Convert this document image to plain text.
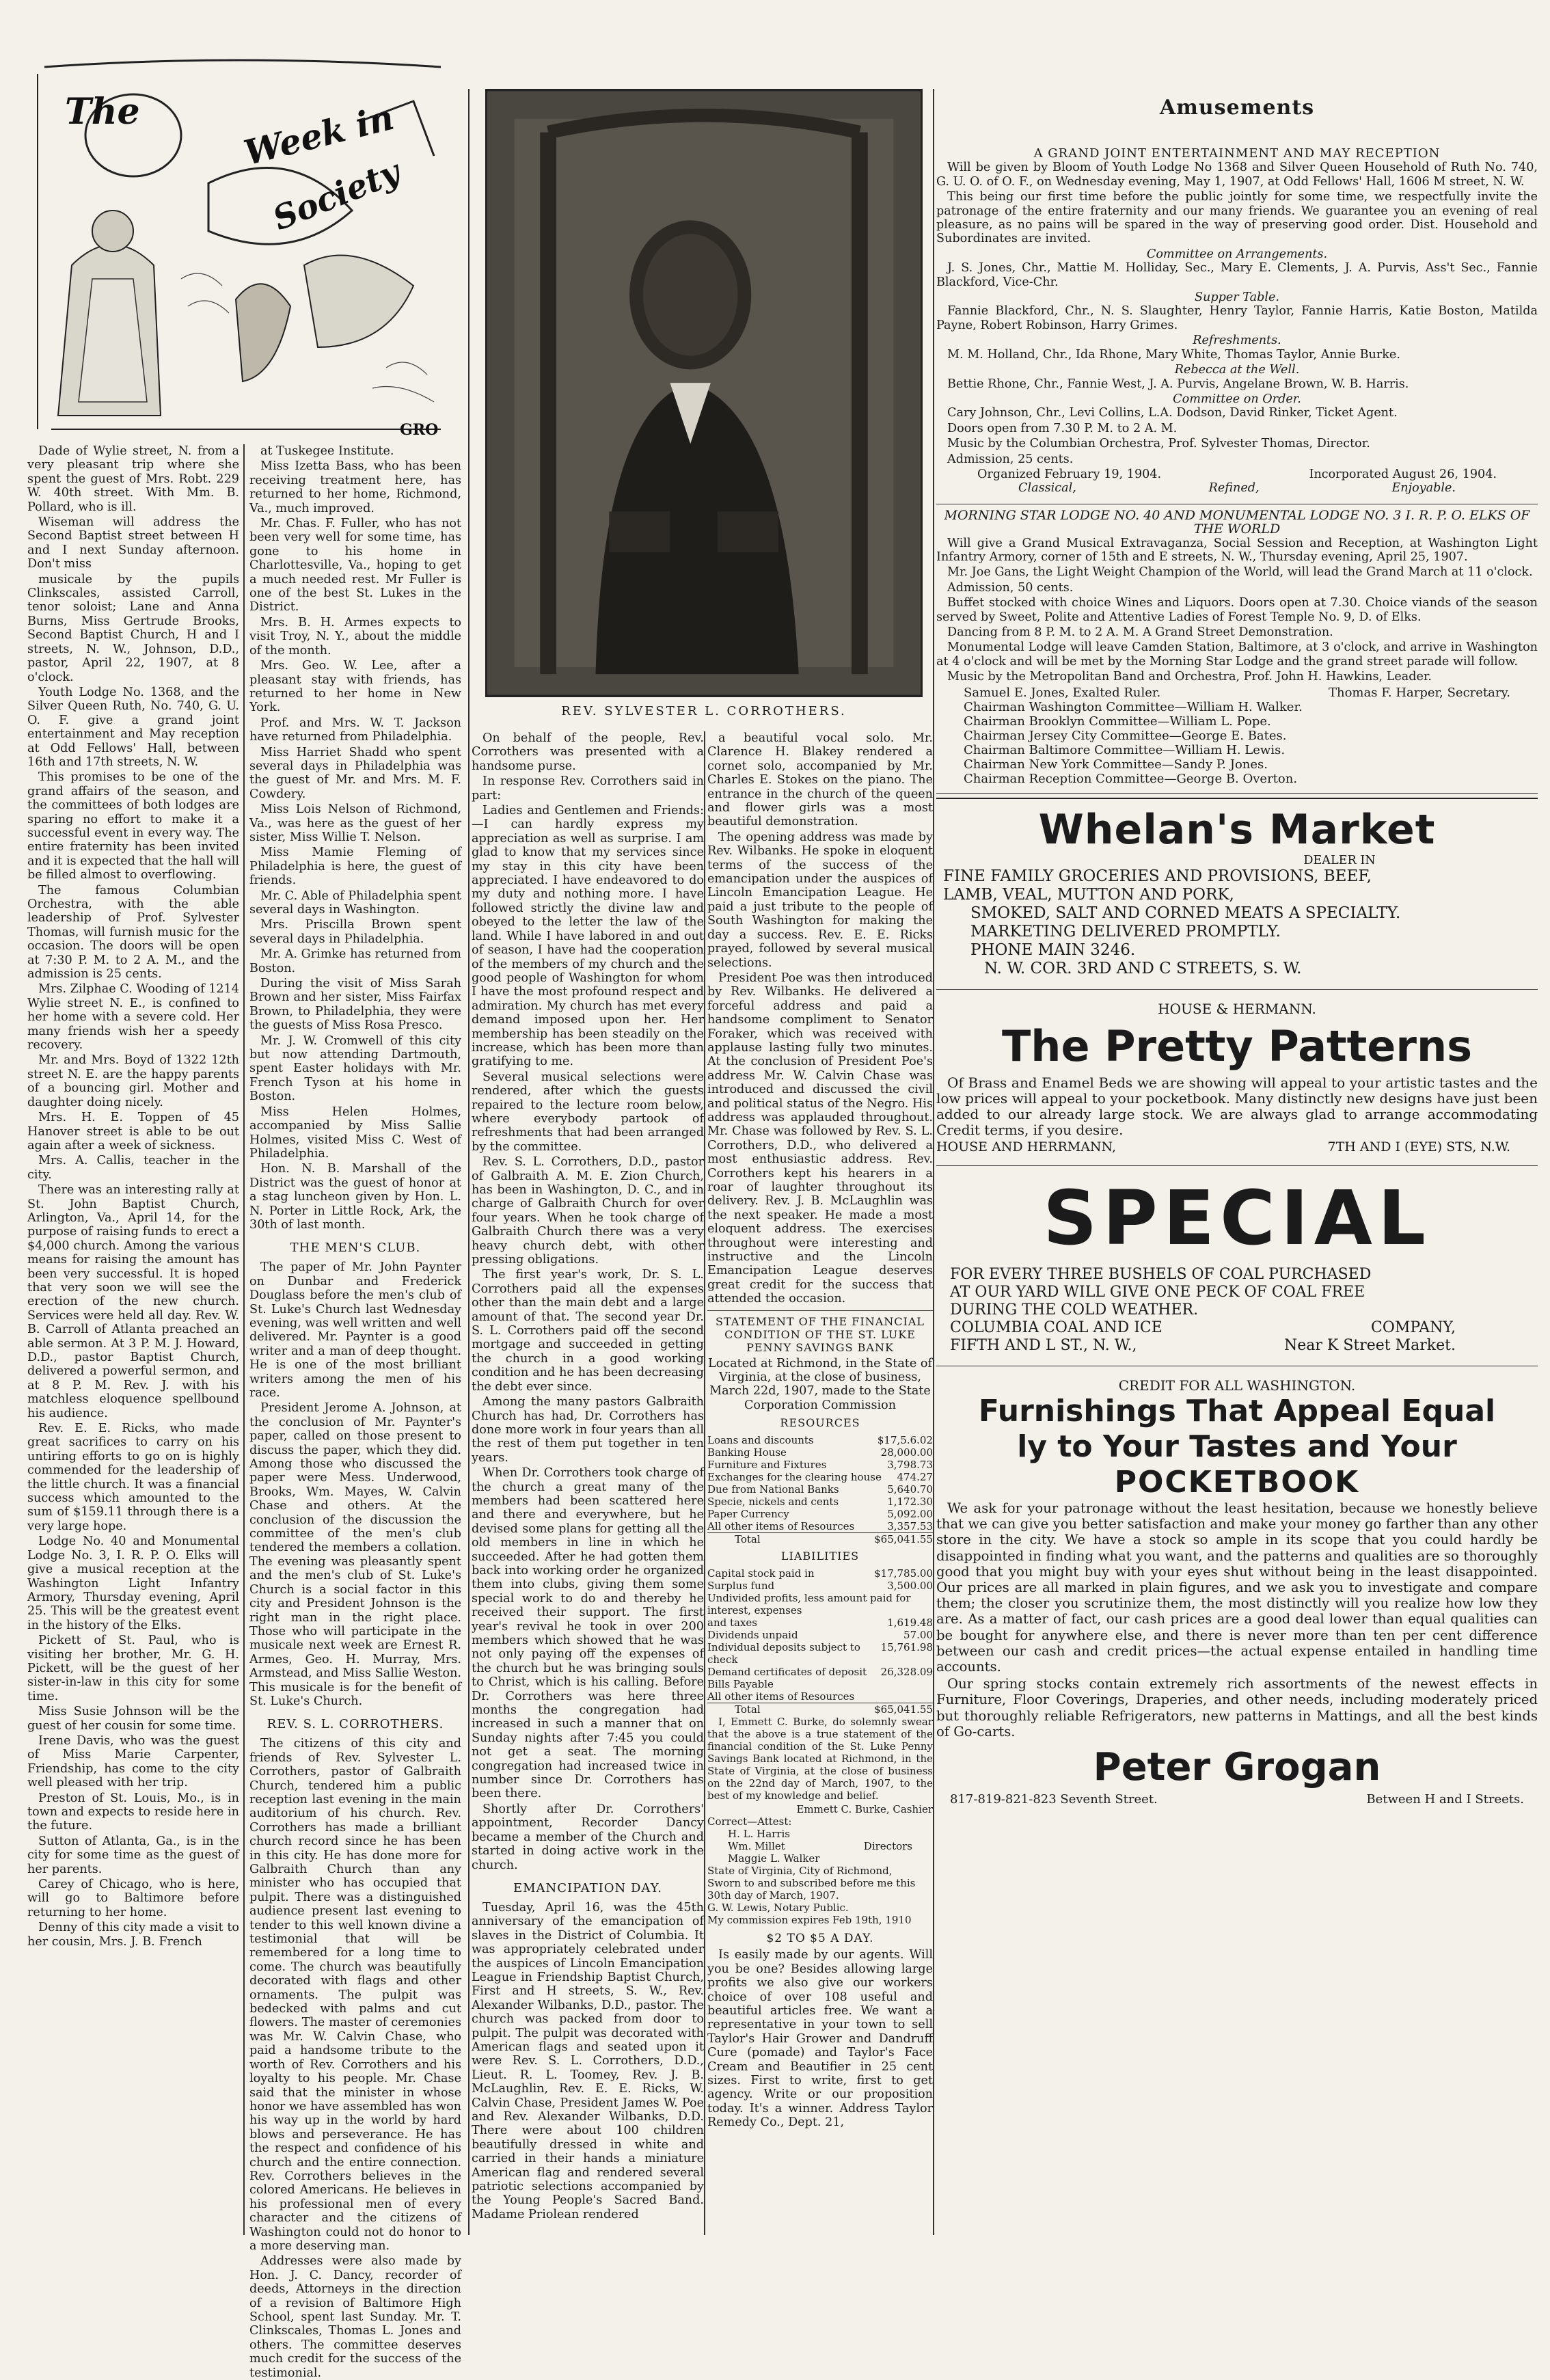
The	Week in
Society
GRO

Dade of Wylie street, N. from a very pleasant trip where she spent the guest of Mrs. Robt. 229 W. 40th street. With Mm. B. Pollard, who is ill.

Wiseman will address the Second Baptist street between H and I next Sunday afternoon. Don't miss

musicale by the pupils Clinkscales, assisted Carroll, tenor soloist; Lane and Anna Burns, Miss Gertrude Brooks, Second Baptist Church, H and I streets, N. W., Johnson, D.D., pastor, April 22, 1907, at 8 o'clock.

Youth Lodge No. 1368, and the Silver Queen Ruth, No. 740, G. U. O. F. give a grand joint entertainment and May reception at Odd Fellows' Hall, between 16th and 17th streets, N. W.

This promises to be one of the grand affairs of the season, and the committees of both lodges are sparing no effort to make it a successful event in every way. The entire fraternity has been invited and it is expected that the hall will be filled almost to overflowing.

The famous Columbian Orchestra, with the able leadership of Prof. Sylvester Thomas, will furnish music for the occasion. The doors will be open at 7:30 P. M. to 2 A. M., and the admission is 25 cents.

Mrs. Zilphae C. Wooding of 1214 Wylie street N. E., is confined to her home with a severe cold. Her many friends wish her a speedy recovery.

Mr. and Mrs. Boyd of 1322 12th street N. E. are the happy parents of a bouncing girl. Mother and daughter doing nicely.

Mrs. H. E. Toppen of 45 Hanover street is able to be out again after a week of sickness.

Mrs. A. Callis, teacher in the city.

There was an interesting rally at St. John Baptist Church, Arlington, Va., April 14, for the purpose of raising funds to erect a $4,000 church. Among the various means for raising the amount has been very successful. It is hoped that very soon we will see the erection of the new church. Services were held all day. Rev. W. B. Carroll of Atlanta preached an able sermon. At 3 P. M. J. Howard, D.D., pastor Baptist Church, delivered a powerful sermon, and at 8 P. M. Rev. J. with his matchless eloquence spellbound his audience.

Rev. E. E. Ricks, who made great sacrifices to carry on his untiring efforts to go on is highly commended for the leadership of the little church. It was a financial success which amounted to the sum of $159.11 through there is a very large hope.

Lodge No. 40 and Monumental Lodge No. 3, I. R. P. O. Elks will give a musical reception at the Washington Light Infantry Armory, Thursday evening, April 25. This will be the greatest event in the history of the Elks.

Pickett of St. Paul, who is visiting her brother, Mr. G. H. Pickett, will be the guest of her sister-in-law in this city for some time.

Miss Susie Johnson will be the guest of her cousin for some time.

Irene Davis, who was the guest of Miss Marie Carpenter, Friendship, has come to the city well pleased with her trip.

Preston of St. Louis, Mo., is in town and expects to reside here in the future.

Sutton of Atlanta, Ga., is in the city for some time as the guest of her parents.

Carey of Chicago, who is here, will go to Baltimore before returning to her home.

Denny of this city made a visit to her cousin, Mrs. J. B. French

at Tuskegee Institute.

Miss Izetta Bass, who has been receiving treatment here, has returned to her home, Richmond, Va., much improved.

Mr. Chas. F. Fuller, who has not been very well for some time, has gone to his home in Charlottesville, Va., hoping to get a much needed rest. Mr Fuller is one of the best St. Lukes in the District.

Mrs. B. H. Armes expects to visit Troy, N. Y., about the middle of the month.

Mrs. Geo. W. Lee, after a pleasant stay with friends, has returned to her home in New York.

Prof. and Mrs. W. T. Jackson have returned from Philadelphia.

Miss Harriet Shadd who spent several days in Philadelphia was the guest of Mr. and Mrs. M. F. Cowdery.

Miss Lois Nelson of Richmond, Va., was here as the guest of her sister, Miss Willie T. Nelson.

Miss Mamie Fleming of Philadelphia is here, the guest of friends.

Mr. C. Able of Philadelphia spent several days in Washington.

Mrs. Priscilla Brown spent several days in Philadelphia.

Mr. A. Grimke has returned from Boston.

During the visit of Miss Sarah Brown and her sister, Miss Fairfax Brown, to Philadelphia, they were the guests of Miss Rosa Presco.

Mr. J. W. Cromwell of this city but now attending Dartmouth, spent Easter holidays with Mr. French Tyson at his home in Boston.

Miss Helen Holmes, accompanied by Miss Sallie Holmes, visited Miss C. West of Philadelphia.

Hon. N. B. Marshall of the District was the guest of honor at a stag luncheon given by Hon. L. N. Porter in Little Rock, Ark, the 30th of last month.

THE MEN'S CLUB.

The paper of Mr. John Paynter on Dunbar and Frederick Douglass before the men's club of St. Luke's Church last Wednesday evening, was well written and well delivered. Mr. Paynter is a good writer and a man of deep thought. He is one of the most brilliant writers among the men of his race.

President Jerome A. Johnson, at the conclusion of Mr. Paynter's paper, called on those present to discuss the paper, which they did. Among those who discussed the paper were Mess. Underwood, Brooks, Wm. Mayes, W. Calvin Chase and others. At the conclusion of the discussion the committee of the men's club tendered the members a collation. The evening was pleasantly spent and the men's club of St. Luke's Church is a social factor in this city and President Johnson is the right man in the right place. Those who will participate in the musicale next week are Ernest R. Armes, Geo. H. Murray, Mrs. Armstead, and Miss Sallie Weston. This musicale is for the benefit of St. Luke's Church.

REV. S. L. CORROTHERS.

The citizens of this city and friends of Rev. Sylvester L. Corrothers, pastor of Galbraith Church, tendered him a public reception last evening in the main auditorium of his church. Rev. Corrothers has made a brilliant church record since he has been in this city. He has done more for Galbraith Church than any minister who has occupied that pulpit. There was a distinguished audience present last evening to tender to this well known divine a testimonial that will be remembered for a long time to come. The church was beautifully decorated with flags and other ornaments. The pulpit was bedecked with palms and cut flowers. The master of ceremonies was Mr. W. Calvin Chase, who paid a handsome tribute to the worth of Rev. Corrothers and his loyalty to his people. Mr. Chase said that the minister in whose honor we have assembled has won his way up in the world by hard blows and perseverance. He has the respect and confidence of his church and the entire connection. Rev. Corrothers believes in the colored Americans. He believes in his professional men of every character and the citizens of Washington could not do honor to a more deserving man.

Addresses were also made by Hon. J. C. Dancy, recorder of deeds, Attorneys in the direction of a revision of Baltimore High School, spent last Sunday. Mr. T. Clinkscales, Thomas L. Jones and others. The committee deserves much credit for the success of the testimonial.

REV. SYLVESTER L. CORROTHERS.

On behalf of the people, Rev. Corrothers was presented with a handsome purse.

In response Rev. Corrothers said in part:

Ladies and Gentlemen and Friends:—I can hardly express my appreciation as well as surprise. I am glad to know that my services since my stay in this city have been appreciated. I have endeavored to do my duty and nothing more. I have followed strictly the divine law and obeyed to the letter the law of the land. While I have labored in and out of season, I have had the cooperation of the members of my church and the good people of Washington for whom I have the most profound respect and admiration. My church has met every demand imposed upon her. Her membership has been steadily on the increase, which has been more than gratifying to me.

Several musical selections were rendered, after which the guests repaired to the lecture room below, where everybody partook of refreshments that had been arranged by the committee.

Rev. S. L. Corrothers, D.D., pastor of Galbraith A. M. E. Zion Church, has been in Washington, D. C., and in charge of Galbraith Church for over four years. When he took charge of Galbraith Church there was a very heavy church debt, with other pressing obligations.

The first year's work, Dr. S. L. Corrothers paid all the expenses other than the main debt and a large amount of that. The second year Dr. S. L. Corrothers paid off the second mortgage and succeeded in getting the church in a good working condition and he has been decreasing the debt ever since.

Among the many pastors Galbraith Church has had, Dr. Corrothers has done more work in four years than all the rest of them put together in ten years.

When Dr. Corrothers took charge of the church a great many of the members had been scattered here and there and everywhere, but he devised some plans for getting all the old members in line in which he succeeded. After he had gotten them back into working order he organized them into clubs, giving them some special work to do and thereby he received their support. The first year's revival he took in over 200 members which showed that he was not only paying off the expenses of the church but he was bringing souls to Christ, which is his calling. Before Dr. Corrothers was here three months the congregation had increased in such a manner that on Sunday nights after 7:45 you could not get a seat. The morning congregation had increased twice in number since Dr. Corrothers has been there.

Shortly after Dr. Corrothers' appointment, Recorder Dancy became a member of the Church and started in doing active work in the church.

EMANCIPATION DAY.

Tuesday, April 16, was the 45th anniversary of the emancipation of slaves in the District of Columbia. It was appropriately celebrated under the auspices of Lincoln Emancipation League in Friendship Baptist Church, First and H streets, S. W., Rev. Alexander Wilbanks, D.D., pastor. The church was packed from door to pulpit. The pulpit was decorated with American flags and seated upon it were Rev. S. L. Corrothers, D.D., Lieut. R. L. Toomey, Rev. J. B. McLaughlin, Rev. E. E. Ricks, W. Calvin Chase, President James W. Poe and Rev. Alexander Wilbanks, D.D. There were about 100 children beautifully dressed in white and carried in their hands a miniature American flag and rendered several patriotic selections accompanied by the Young People's Sacred Band. Madame Priolean rendered

a beautiful vocal solo. Mr. Clarence H. Blakey rendered a cornet solo, accompanied by Mr. Charles E. Stokes on the piano. The entrance in the church of the queen and flower girls was a most beautiful demonstration.

The opening address was made by Rev. Wilbanks. He spoke in eloquent terms of the success of the emancipation under the auspices of Lincoln Emancipation League. He paid a just tribute to the people of South Washington for making the day a success. Rev. E. E. Ricks prayed, followed by several musical selections.

President Poe was then introduced by Rev. Wilbanks. He delivered a forceful address and paid a handsome compliment to Senator Foraker, which was received with applause lasting fully two minutes. At the conclusion of President Poe's address Mr. W. Calvin Chase was introduced and discussed the civil and political status of the Negro. His address was applauded throughout. Mr. Chase was followed by Rev. S. L. Corrothers, D.D., who delivered a most enthusiastic address. Rev. Corrothers kept his hearers in a roar of laughter throughout its delivery. Rev. J. B. McLaughlin was the next speaker. He made a most eloquent address. The exercises throughout were interesting and instructive and the Lincoln Emancipation League deserves great credit for the success that attended the occasion.

STATEMENT OF THE FINANCIAL CONDITION OF THE ST. LUKE PENNY SAVINGS BANK

Located at Richmond, in the State of Virginia, at the close of business, March 22d, 1907, made to the State Corporation Commission

RESOURCES
Loans and discounts	$17,5.6.02
Banking House	28,000.00
Furniture and Fixtures	3,798.73
Exchanges for the clearing house 474.27
Due from National Banks	5,640.70
Specie, nickels and cents	1,172.30
Paper Currency	5,092.00
All other items of Resources	3,357.53
Total	$65,041.55
LIABILITIES
Capital stock paid in	$17,785.00
Surplus fund	3,500.00
Undivided profits, less amount paid for interest, expenses
and taxes	1,619.48
Dividends unpaid	57.00
Individual deposits subject to check
15,761.98
Demand certificates of deposit 26,328.09
Bills Payable
All other items of Resources
Total	$65,041.55

I, Emmett C. Burke, do solemnly swear that the above is a true statement of the financial condition of the St. Luke Penny Savings Bank located at Richmond, in the State of Virginia, at the close of business on the 22nd day of March, 1907, to the best of my knowledge and belief.

Emmett C. Burke, Cashier
Correct—Attest:
H. L. Harris
Wm. Millet
Maggie L. Walker
Directors
State of Virginia, City of Richmond,
Sworn to and subscribed before me this 30th day of March, 1907.
G. W. Lewis, Notary Public.
My commission expires Feb 19th, 1910
$2 TO $5 A DAY.

Is easily made by our agents. Will you be one? Besides allowing large profits we also give our workers choice of over 108 useful and beautiful articles free. We want a representative in your town to sell Taylor's Hair Grower and Dandruff Cure (pomade) and Taylor's Face Cream and Beautifier in 25 cent sizes. First to write, first to get agency. Write or our proposition today. It's a winner. Address Taylor Remedy Co., Dept. 21,

Amusements
A GRAND JOINT ENTERTAINMENT AND MAY RECEPTION

Will be given by Bloom of Youth Lodge No 1368 and Silver Queen Household of Ruth No. 740, G. U. O. of O. F., on Wednesday evening, May 1, 1907, at Odd Fellows' Hall, 1606 M street, N. W.

This being our first time before the public jointly for some time, we respectfully invite the patronage of the entire fraternity and our many friends. We guarantee you an evening of real pleasure, as no pains will be spared in the way of preserving good order. Dist. Household and Subordinates are invited.

Committee on Arrangements.

J. S. Jones, Chr., Mattie M. Holliday, Sec., Mary E. Clements, J. A. Purvis, Ass't Sec., Fannie Blackford, Vice-Chr.

Supper Table.

Fannie Blackford, Chr., N. S. Slaughter, Henry Taylor, Fannie Harris, Katie Boston, Matilda Payne, Robert Robinson, Harry Grimes.

Refreshments.

M. M. Holland, Chr., Ida Rhone, Mary White, Thomas Taylor, Annie Burke.

Rebecca at the Well.

Bettie Rhone, Chr., Fannie West, J. A. Purvis, Angelane Brown, W. B. Harris.

Committee on Order.

Cary Johnson, Chr., Levi Collins, L.A. Dodson, David Rinker, Ticket Agent.

Doors open from 7.30 P. M. to 2 A. M.

Music by the Columbian Orchestra, Prof. Sylvester Thomas, Director.

Admission, 25 cents.

Organized February 19, 1904.	Incorporated August 26, 1904.
Classical,	Refined,	Enjoyable.
MORNING STAR LODGE NO. 40 AND MONUMENTAL LODGE NO. 3 I. R. P. O. ELKS OF THE WORLD

Will give a Grand Musical Extravaganza, Social Session and Reception, at Washington Light Infantry Armory, corner of 15th and E streets, N. W., Thursday evening, April 25, 1907.

Mr. Joe Gans, the Light Weight Champion of the World, will lead the Grand March at 11 o'clock.

Admission, 50 cents.

Buffet stocked with choice Wines and Liquors. Doors open at 7.30. Choice viands of the season served by Sweet, Polite and Attentive Ladies of Forest Temple No. 9, D. of Elks.

Dancing from 8 P. M. to 2 A. M. A Grand Street Demonstration.

Monumental Lodge will leave Camden Station, Baltimore, at 3 o'clock, and arrive in Washington at 4 o'clock and will be met by the Morning Star Lodge and the grand street parade will follow.

Music by the Metropolitan Band and Orchestra, Prof. John H. Hawkins, Leader.

Samuel E. Jones, Exalted Ruler.	Thomas F. Harper, Secretary.
Chairman Washington Committee—William H. Walker.
Chairman Brooklyn Committee—William L. Pope.
Chairman Jersey City Committee—George E. Bates.
Chairman Baltimore Committee—William H. Lewis.
Chairman New York Committee—Sandy P. Jones.
Chairman Reception Committee—George B. Overton.
Whelan's Market
DEALER IN
FINE FAMILY GROCERIES AND PROVISIONS, BEEF,
LAMB, VEAL, MUTTON AND PORK,
SMOKED, SALT AND CORNED MEATS A SPECIALTY.
MARKETING DELIVERED PROMPTLY.
PHONE MAIN 3246.
N. W. COR. 3RD AND C STREETS, S. W.
HOUSE & HERMANN.
The Pretty Patterns

Of Brass and Enamel Beds we are showing will appeal to your artistic tastes and the low prices will appeal to your pocketbook. Many distinctly new designs have just been added to our already large stock. We are always glad to arrange accommodating Credit terms, if you desire.

HOUSE AND HERRMANN,	7TH AND I (EYE) STS, N.W.
SPECIAL
FOR EVERY THREE BUSHELS OF COAL PURCHASED
AT OUR YARD WILL GIVE ONE PECK OF COAL FREE
DURING THE COLD WEATHER.
COLUMBIA COAL AND ICE	COMPANY,
FIFTH AND L ST., N. W.,	Near K Street Market.
CREDIT FOR ALL WASHINGTON.
Furnishings That Appeal Equal
ly to Your Tastes and Your
POCKETBOOK

We ask for your patronage without the least hesitation, because we honestly believe that we can give you better satisfaction and make your money go farther than any other store in the city. We have a stock so ample in its scope that you could hardly be disappointed in finding what you want, and the patterns and qualities are so thoroughly good that you might buy with your eyes shut without being in the least disappointed. Our prices are all marked in plain figures, and we ask you to investigate and compare them; the closer you scrutinize them, the most distinctly will you realize how low they are. As a matter of fact, our cash prices are a good deal lower than equal qualities can be bought for anywhere else, and there is never more than ten per cent difference between our cash and credit prices—the actual expense entailed in handling time accounts.

Our spring stocks contain extremely rich assortments of the newest effects in Furniture, Floor Coverings, Draperies, and other needs, including moderately priced but thoroughly reliable Refrigerators, new patterns in Mattings, and all the best kinds of Go-carts.

Peter Grogan
817-819-821-823 Seventh Street.	Between H and I Streets.
